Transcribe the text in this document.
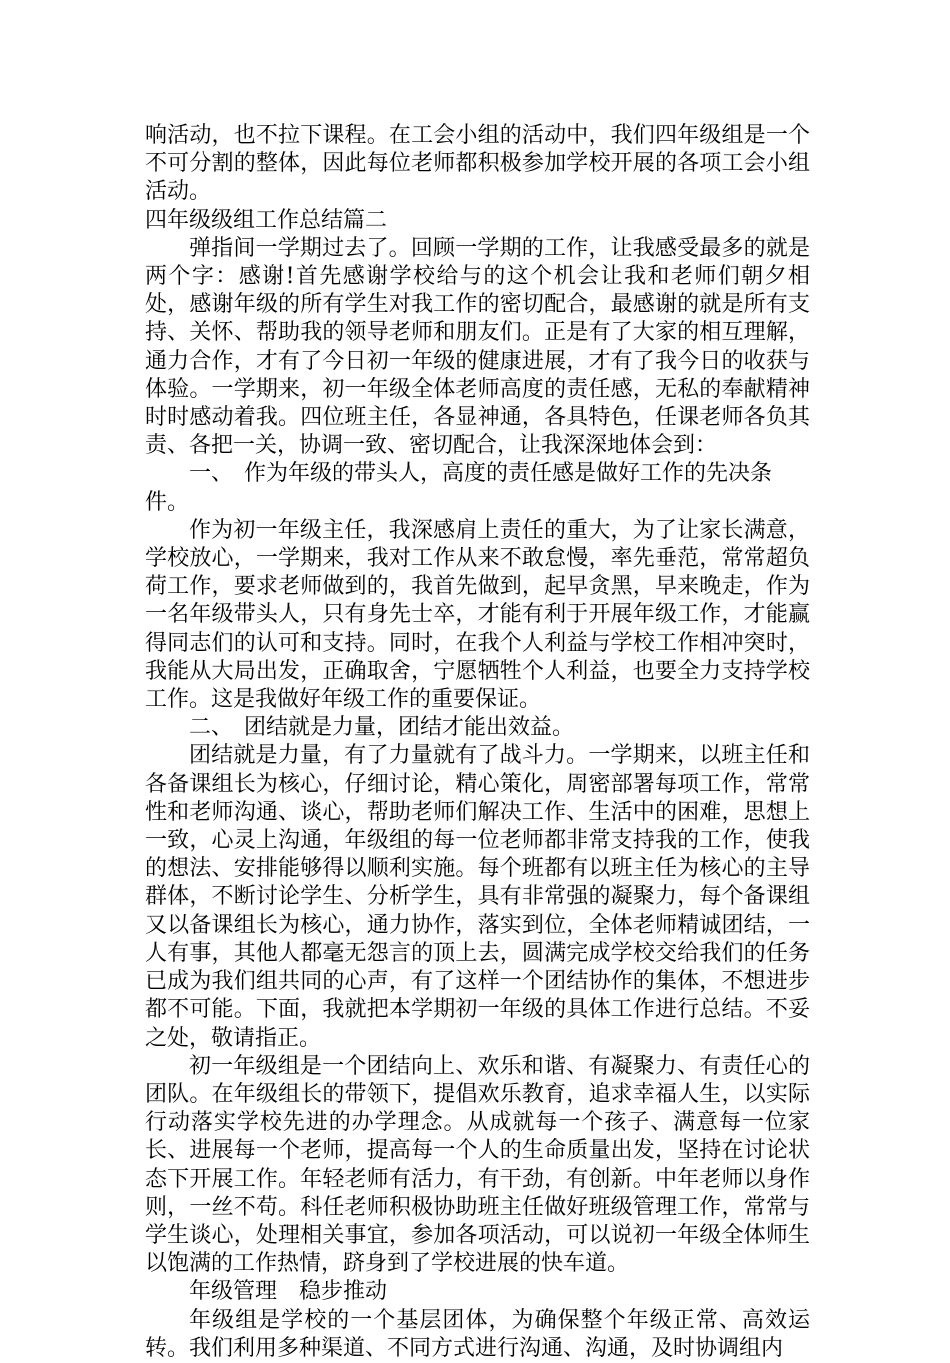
响活动，也不拉下课程。在工会小组的活动中，我们四年级组是一个不可分割的整体，因此每位老师都积极参加学校开展的各项工会小组活动。

四年级级组工作总结篇二

弹指间一学期过去了。回顾一学期的工作，让我感受最多的就是两个字：感谢!首先感谢学校给与的这个机会让我和老师们朝夕相处，感谢年级的所有学生对我工作的密切配合，最感谢的就是所有支持、关怀、帮助我的领导老师和朋友们。正是有了大家的相互理解，通力合作，才有了今日初一年级的健康进展，才有了我今日的收获与体验。一学期来，初一年级全体老师高度的责任感，无私的奉献精神时时感动着我。四位班主任，各显神通，各具特色，任课老师各负其责、各把一关，协调一致、密切配合，让我深深地体会到：

一、　作为年级的带头人，高度的责任感是做好工作的先决条件。

作为初一年级主任，我深感肩上责任的重大，为了让家长满意，学校放心，一学期来，我对工作从来不敢怠慢，率先垂范，常常超负荷工作，要求老师做到的，我首先做到，起早贪黑，早来晚走，作为一名年级带头人，只有身先士卒，才能有利于开展年级工作，才能赢得同志们的认可和支持。同时，在我个人利益与学校工作相冲突时，我能从大局出发，正确取舍，宁愿牺牲个人利益，也要全力支持学校工作。这是我做好年级工作的重要保证。

二、　团结就是力量，团结才能出效益。

团结就是力量，有了力量就有了战斗力。一学期来，以班主任和各备课组长为核心，仔细讨论，精心策化，周密部署每项工作，常常性和老师沟通、谈心，帮助老师们解决工作、生活中的困难，思想上一致，心灵上沟通，年级组的每一位老师都非常支持我的工作，使我的想法、安排能够得以顺利实施。每个班都有以班主任为核心的主导群体，不断讨论学生、分析学生，具有非常强的凝聚力，每个备课组又以备课组长为核心，通力协作，落实到位，全体老师精诚团结，一人有事，其他人都毫无怨言的顶上去，圆满完成学校交给我们的任务已成为我们组共同的心声，有了这样一个团结协作的集体，不想进步都不可能。下面，我就把本学期初一年级的具体工作进行总结。不妥之处，敬请指正。

初一年级组是一个团结向上、欢乐和谐、有凝聚力、有责任心的团队。在年级组长的带领下，提倡欢乐教育，追求幸福人生，以实际行动落实学校先进的办学理念。从成就每一个孩子、满意每一位家长、进展每一个老师，提高每一个人的生命质量出发，坚持在讨论状态下开展工作。年轻老师有活力，有干劲，有创新。中年老师以身作则，一丝不苟。科任老师积极协助班主任做好班级管理工作，常常与学生谈心，处理相关事宜，参加各项活动，可以说初一年级全体师生以饱满的工作热情，跻身到了学校进展的快车道。

年级管理　稳步推动

年级组是学校的一个基层团体，为确保整个年级正常、高效运转。我们利用多种渠道、不同方式进行沟通、沟通，及时协调组内
